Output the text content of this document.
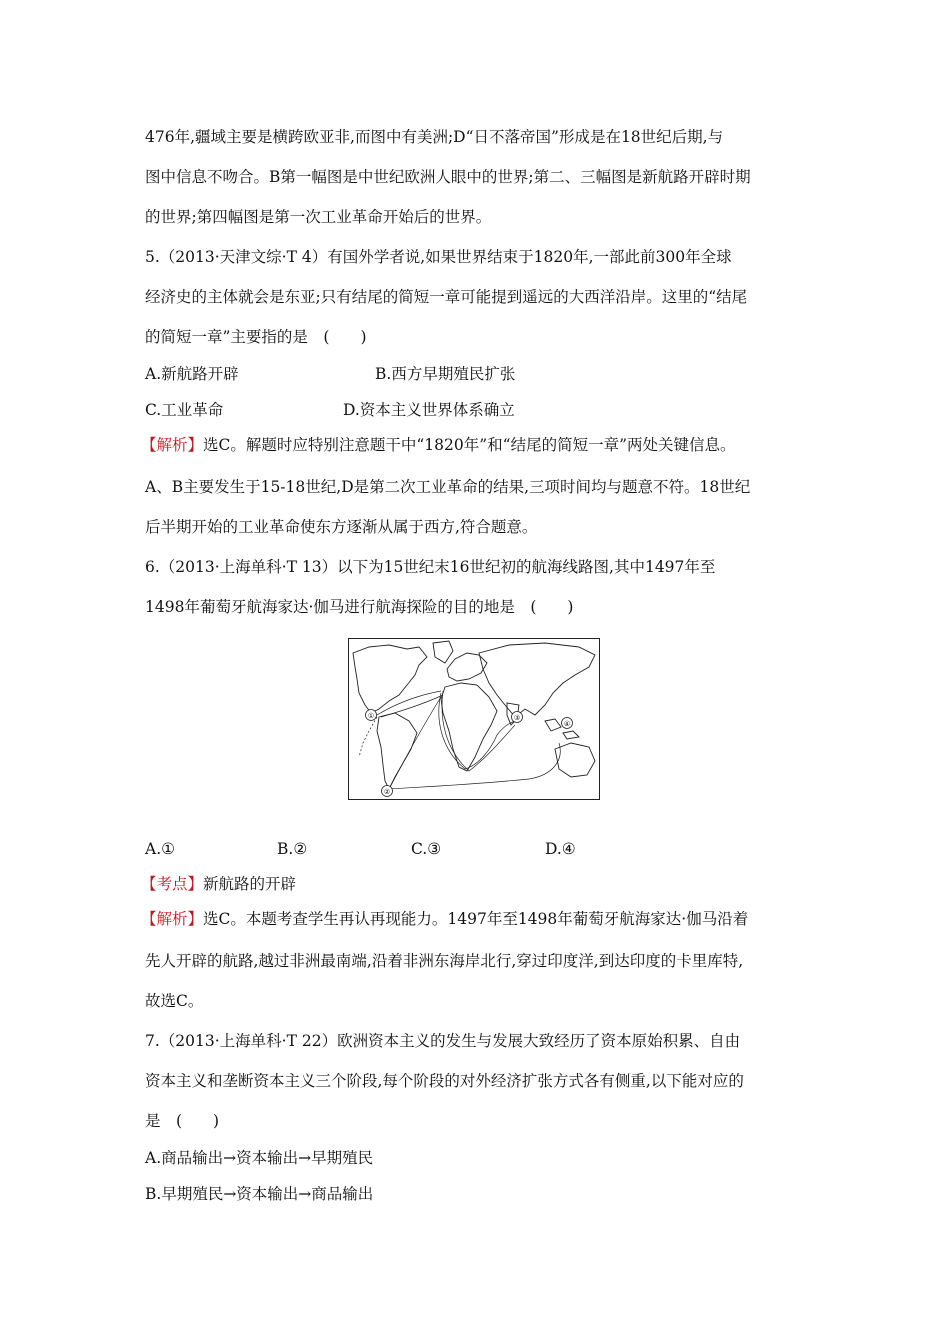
476年,疆域主要是横跨欧亚非,而图中有美洲;D“日不落帝国”形成是在18世纪后期,与
图中信息不吻合。B第一幅图是中世纪欧洲人眼中的世界;第二、三幅图是新航路开辟时期
的世界;第四幅图是第一次工业革命开始后的世界。
5.（2013·天津文综·T 4）有国外学者说,如果世界结束于1820年,一部此前300年全球
经济史的主体就会是东亚;只有结尾的简短一章可能提到遥远的大西洋沿岸。这里的“结尾
的简短一章”主要指的是　(　　)
A.新航路开辟	B.西方早期殖民扩张
C.工业革命	D.资本主义世界体系确立
【解析】选C。解题时应特别注意题干中“1820年”和“结尾的简短一章”两处关键信息。
A、B主要发生于15-18世纪,D是第二次工业革命的结果,三项时间均与题意不符。18世纪
后半期开始的工业革命使东方逐渐从属于西方,符合题意。
6.（2013·上海单科·T 13）以下为15世纪末16世纪初的航海线路图,其中1497年至
1498年葡萄牙航海家达·伽马进行航海探险的目的地是　(　　)
①
②
③
④
A.①	B.②	C.③	D.④
【考点】新航路的开辟
【解析】选C。本题考查学生再认再现能力。1497年至1498年葡萄牙航海家达·伽马沿着
先人开辟的航路,越过非洲最南端,沿着非洲东海岸北行,穿过印度洋,到达印度的卡里库特,
故选C。
7.（2013·上海单科·T 22）欧洲资本主义的发生与发展大致经历了资本原始积累、自由
资本主义和垄断资本主义三个阶段,每个阶段的对外经济扩张方式各有侧重,以下能对应的
是　(　　)
A.商品输出→资本输出→早期殖民
B.早期殖民→资本输出→商品输出
